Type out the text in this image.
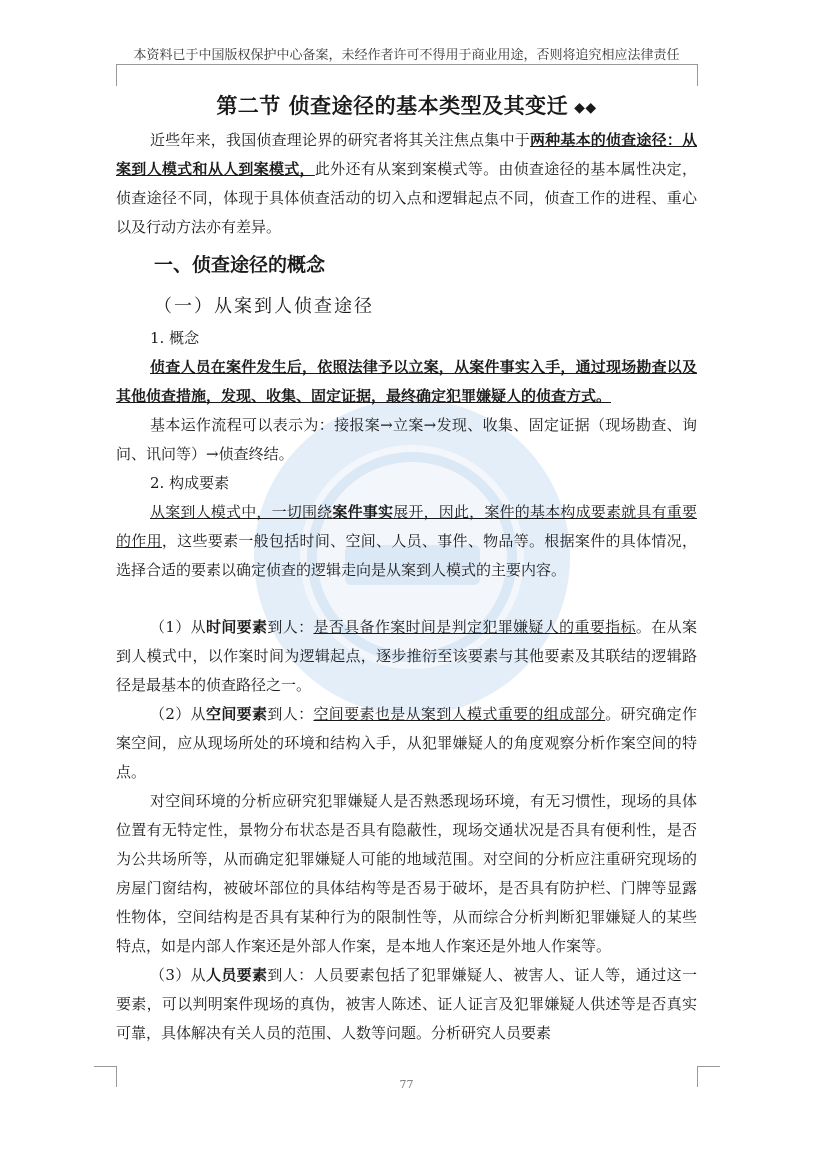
本资料已于中国版权保护中心备案，未经作者许可不得用于商业用途，否则将追究相应法律责任
第二节 侦查途径的基本类型及其变迁 ◆◆

近些年来，我国侦查理论界的研究者将其关注焦点集中于两种基本的侦查途径：从案到人模式和从人到案模式，此外还有从案到案模式等。由侦查途径的基本属性决定，侦查途径不同，体现于具体侦查活动的切入点和逻辑起点不同，侦查工作的进程、重心以及行动方法亦有差异。

一、侦查途径的概念
（一）从案到人侦查途径

1. 概念

侦查人员在案件发生后，依照法律予以立案，从案件事实入手，通过现场勘查以及其他侦查措施，发现、收集、固定证据，最终确定犯罪嫌疑人的侦查方式。

基本运作流程可以表示为：接报案→立案→发现、收集、固定证据（现场勘查、询问、讯问等）→侦查终结。

2. 构成要素

从案到人模式中，一切围绕案件事实展开，因此，案件的基本构成要素就具有重要的作用，这些要素一般包括时间、空间、人员、事件、物品等。根据案件的具体情况，选择合适的要素以确定侦查的逻辑走向是从案到人模式的主要内容。

（1）从时间要素到人：是否具备作案时间是判定犯罪嫌疑人的重要指标。在从案到人模式中，以作案时间为逻辑起点，逐步推衍至该要素与其他要素及其联结的逻辑路径是最基本的侦查路径之一。

（2）从空间要素到人：空间要素也是从案到人模式重要的组成部分。研究确定作案空间，应从现场所处的环境和结构入手，从犯罪嫌疑人的角度观察分析作案空间的特点。

对空间环境的分析应研究犯罪嫌疑人是否熟悉现场环境，有无习惯性，现场的具体位置有无特定性，景物分布状态是否具有隐蔽性，现场交通状况是否具有便利性，是否为公共场所等，从而确定犯罪嫌疑人可能的地域范围。对空间的分析应注重研究现场的房屋门窗结构，被破坏部位的具体结构等是否易于破坏，是否具有防护栏、门牌等显露性物体，空间结构是否具有某种行为的限制性等，从而综合分析判断犯罪嫌疑人的某些特点，如是内部人作案还是外部人作案，是本地人作案还是外地人作案等。

（3）从人员要素到人：人员要素包括了犯罪嫌疑人、被害人、证人等，通过这一要素，可以判明案件现场的真伪，被害人陈述、证人证言及犯罪嫌疑人供述等是否真实可靠，具体解决有关人员的范围、人数等问题。分析研究人员要素

77
